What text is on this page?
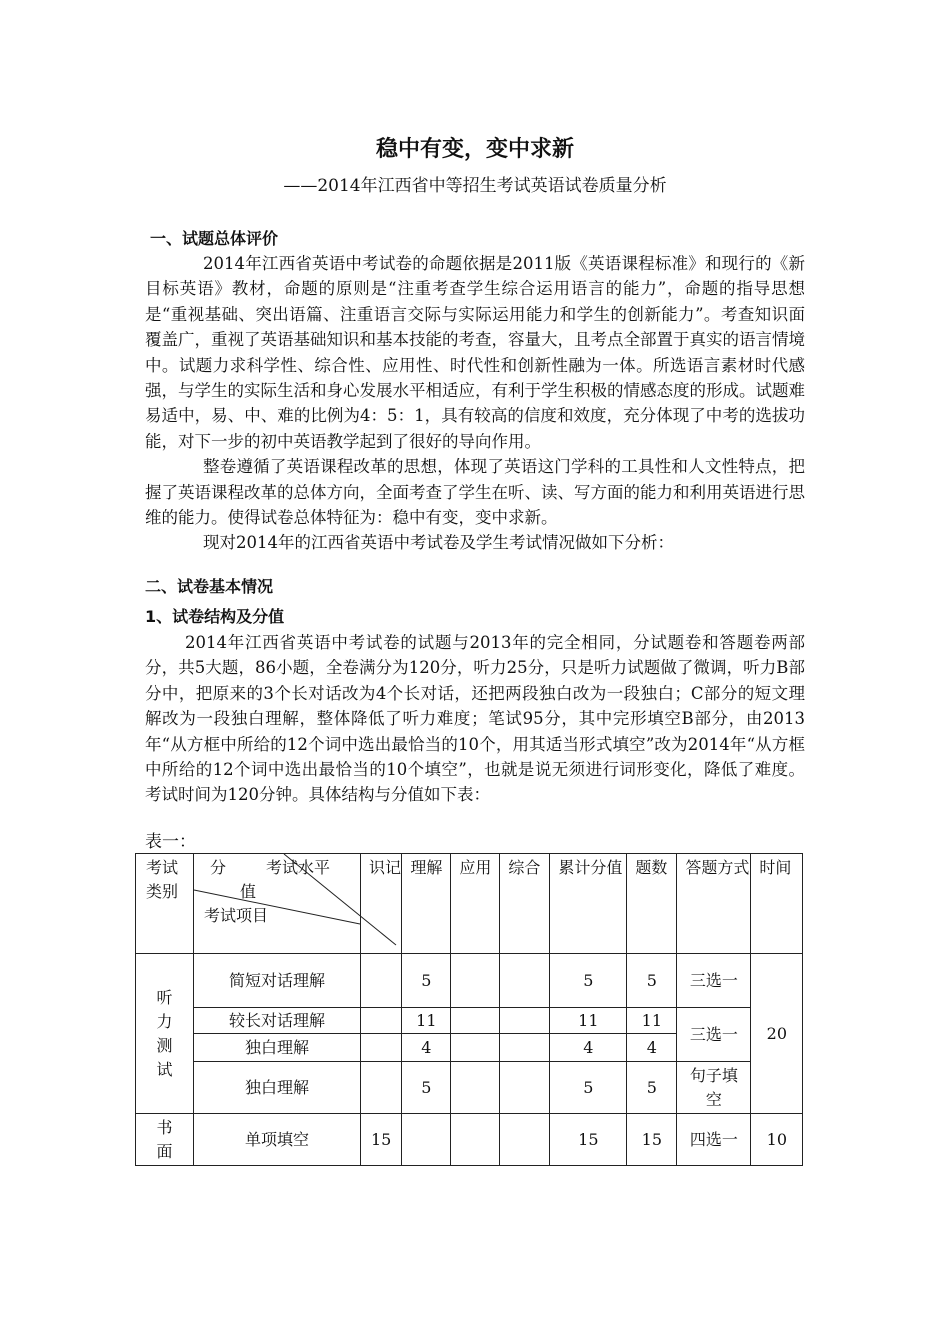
稳中有变，变中求新
——2014年江西省中等招生考试英语试卷质量分析
一、试题总体评价

2014年江西省英语中考试卷的命题依据是2011版《英语课程标准》和现行的《新目标英语》教材，命题的原则是“注重考查学生综合运用语言的能力”，命题的指导思想是“重视基础、突出语篇、注重语言交际与实际运用能力和学生的创新能力”。考查知识面覆盖广，重视了英语基础知识和基本技能的考查，容量大，且考点全部置于真实的语言情境中。试题力求科学性、综合性、应用性、时代性和创新性融为一体。所选语言素材时代感强，与学生的实际生活和身心发展水平相适应，有利于学生积极的情感态度的形成。试题难易适中，易、中、难的比例为4：5：1，具有较高的信度和效度，充分体现了中考的选拔功能，对下一步的初中英语教学起到了很好的导向作用。

整卷遵循了英语课程改革的思想，体现了英语这门学科的工具性和人文性特点，把握了英语课程改革的总体方向，全面考查了学生在听、读、写方面的能力和利用英语进行思维的能力。使得试卷总体特征为：稳中有变，变中求新。

现对2014年的江西省英语中考试卷及学生考试情况做如下分析：

二、试卷基本情况
1、试卷结构及分值

2014年江西省英语中考试卷的试题与2013年的完全相同，分试题卷和答题卷两部分，共5大题，86小题，全卷满分为120分，听力25分，只是听力试题做了微调，听力B部分中，把原来的3个长对话改为4个长对话，还把两段独白改为一段独白；C部分的短文理解改为一段独白理解，整体降低了听力难度；笔试95分，其中完形填空B部分，由2013年“从方框中所给的12个词中选出最恰当的10个，用其适当形式填空”改为2014年“从方框中所给的12个词中选出最恰当的10个填空”，也就是说无须进行词形变化，降低了难度。考试时间为120分钟。具体结构与分值如下表：

表一：
考试类别	分 考试水平
值
考试项目	识记	理解	应用	综合	累计分值	题数	答题方式	时间
听力测试	简短对话理解		5			5	5	三选一	20
	较长对话理解		11			11	11	三选一	
	独白理解		4			4	4		
	独白理解		5			5	5	句子填空	
书面	单项填空	15				15	15	四选一	10
